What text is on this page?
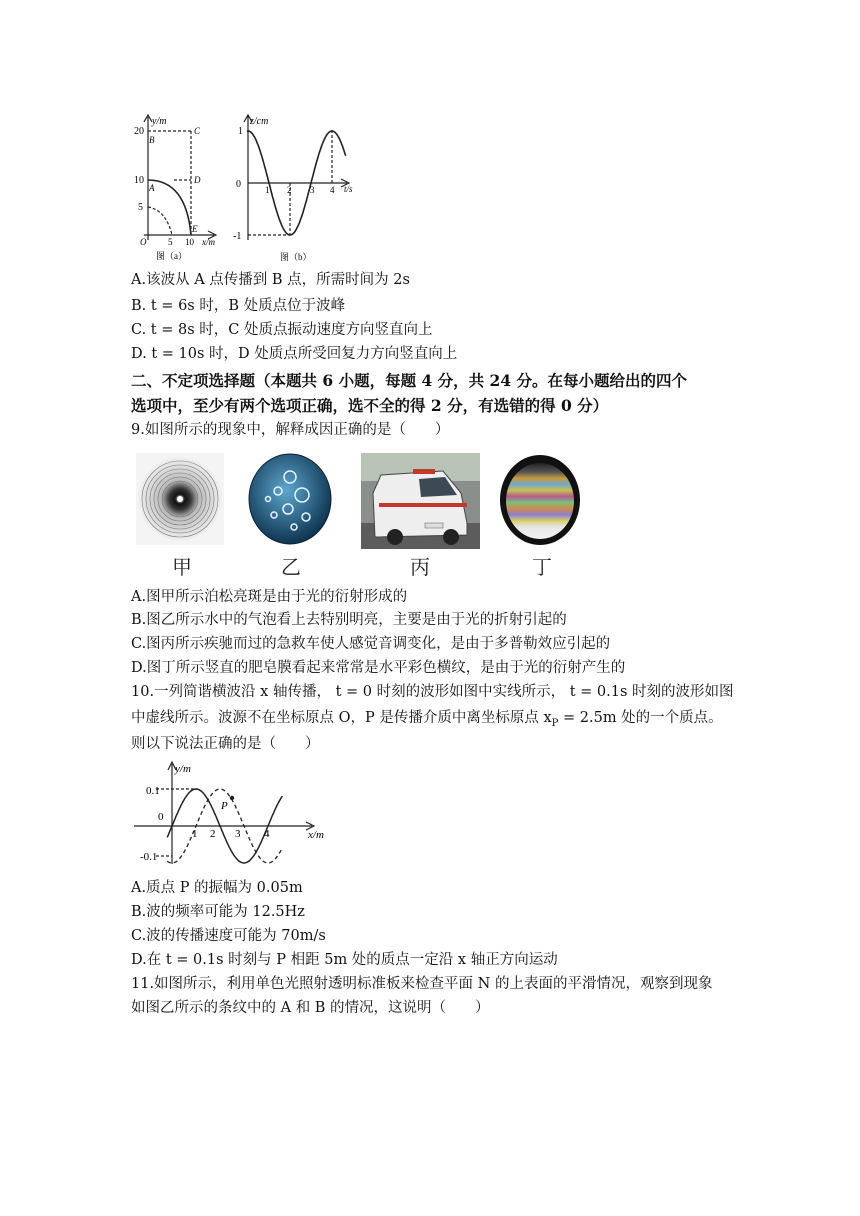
y/m
20
B
C
10
A
D
5
O 5
E
10 x/m
图（a）
z/cm
1
0
-1
1 2 3 4 t/s
图（b）
A.该波从 A 点传播到 B 点，所需时间为 2s
B. t = 6s 时，B 处质点位于波峰
C. t = 8s 时，C 处质点振动速度方向竖直向上
D. t = 10s 时，D 处质点所受回复力方向竖直向上
二、不定项选择题（本题共 6 小题，每题 4 分，共 24 分。在每小题给出的四个
选项中，至少有两个选项正确，选不全的得 2 分，有选错的得 0 分）
9.如图所示的现象中，解释成因正确的是（　　）
甲	乙	丙	丁
A.图甲所示泊松亮斑是由于光的衍射形成的
B.图乙所示水中的气泡看上去特别明亮，主要是由于光的折射引起的
C.图丙所示疾驰而过的急救车使人感觉音调变化，是由于多普勒效应引起的
D.图丁所示竖直的肥皂膜看起来常常是水平彩色横纹，是由于光的衍射产生的
10.一列简谐横波沿 x 轴传播， t = 0 时刻的波形如图中实线所示， t = 0.1s 时刻的波形如图
中虚线所示。波源不在坐标原点 O，P 是传播介质中离坐标原点 $x_P = 2.5m$ 处的一个质点。
则以下说法正确的是（　　）
y/m
0.1
0
-0.1
1 2 3 4	x/m
P
A.质点 P 的振幅为 0.05m
B.波的频率可能为 12.5Hz
C.波的传播速度可能为 70m/s
D.在 t = 0.1s 时刻与 P 相距 5m 处的质点一定沿 x 轴正方向运动
11.如图所示，利用单色光照射透明标准板来检查平面 N 的上表面的平滑情况，观察到现象
如图乙所示的条纹中的 A 和 B 的情况，这说明（　　）
